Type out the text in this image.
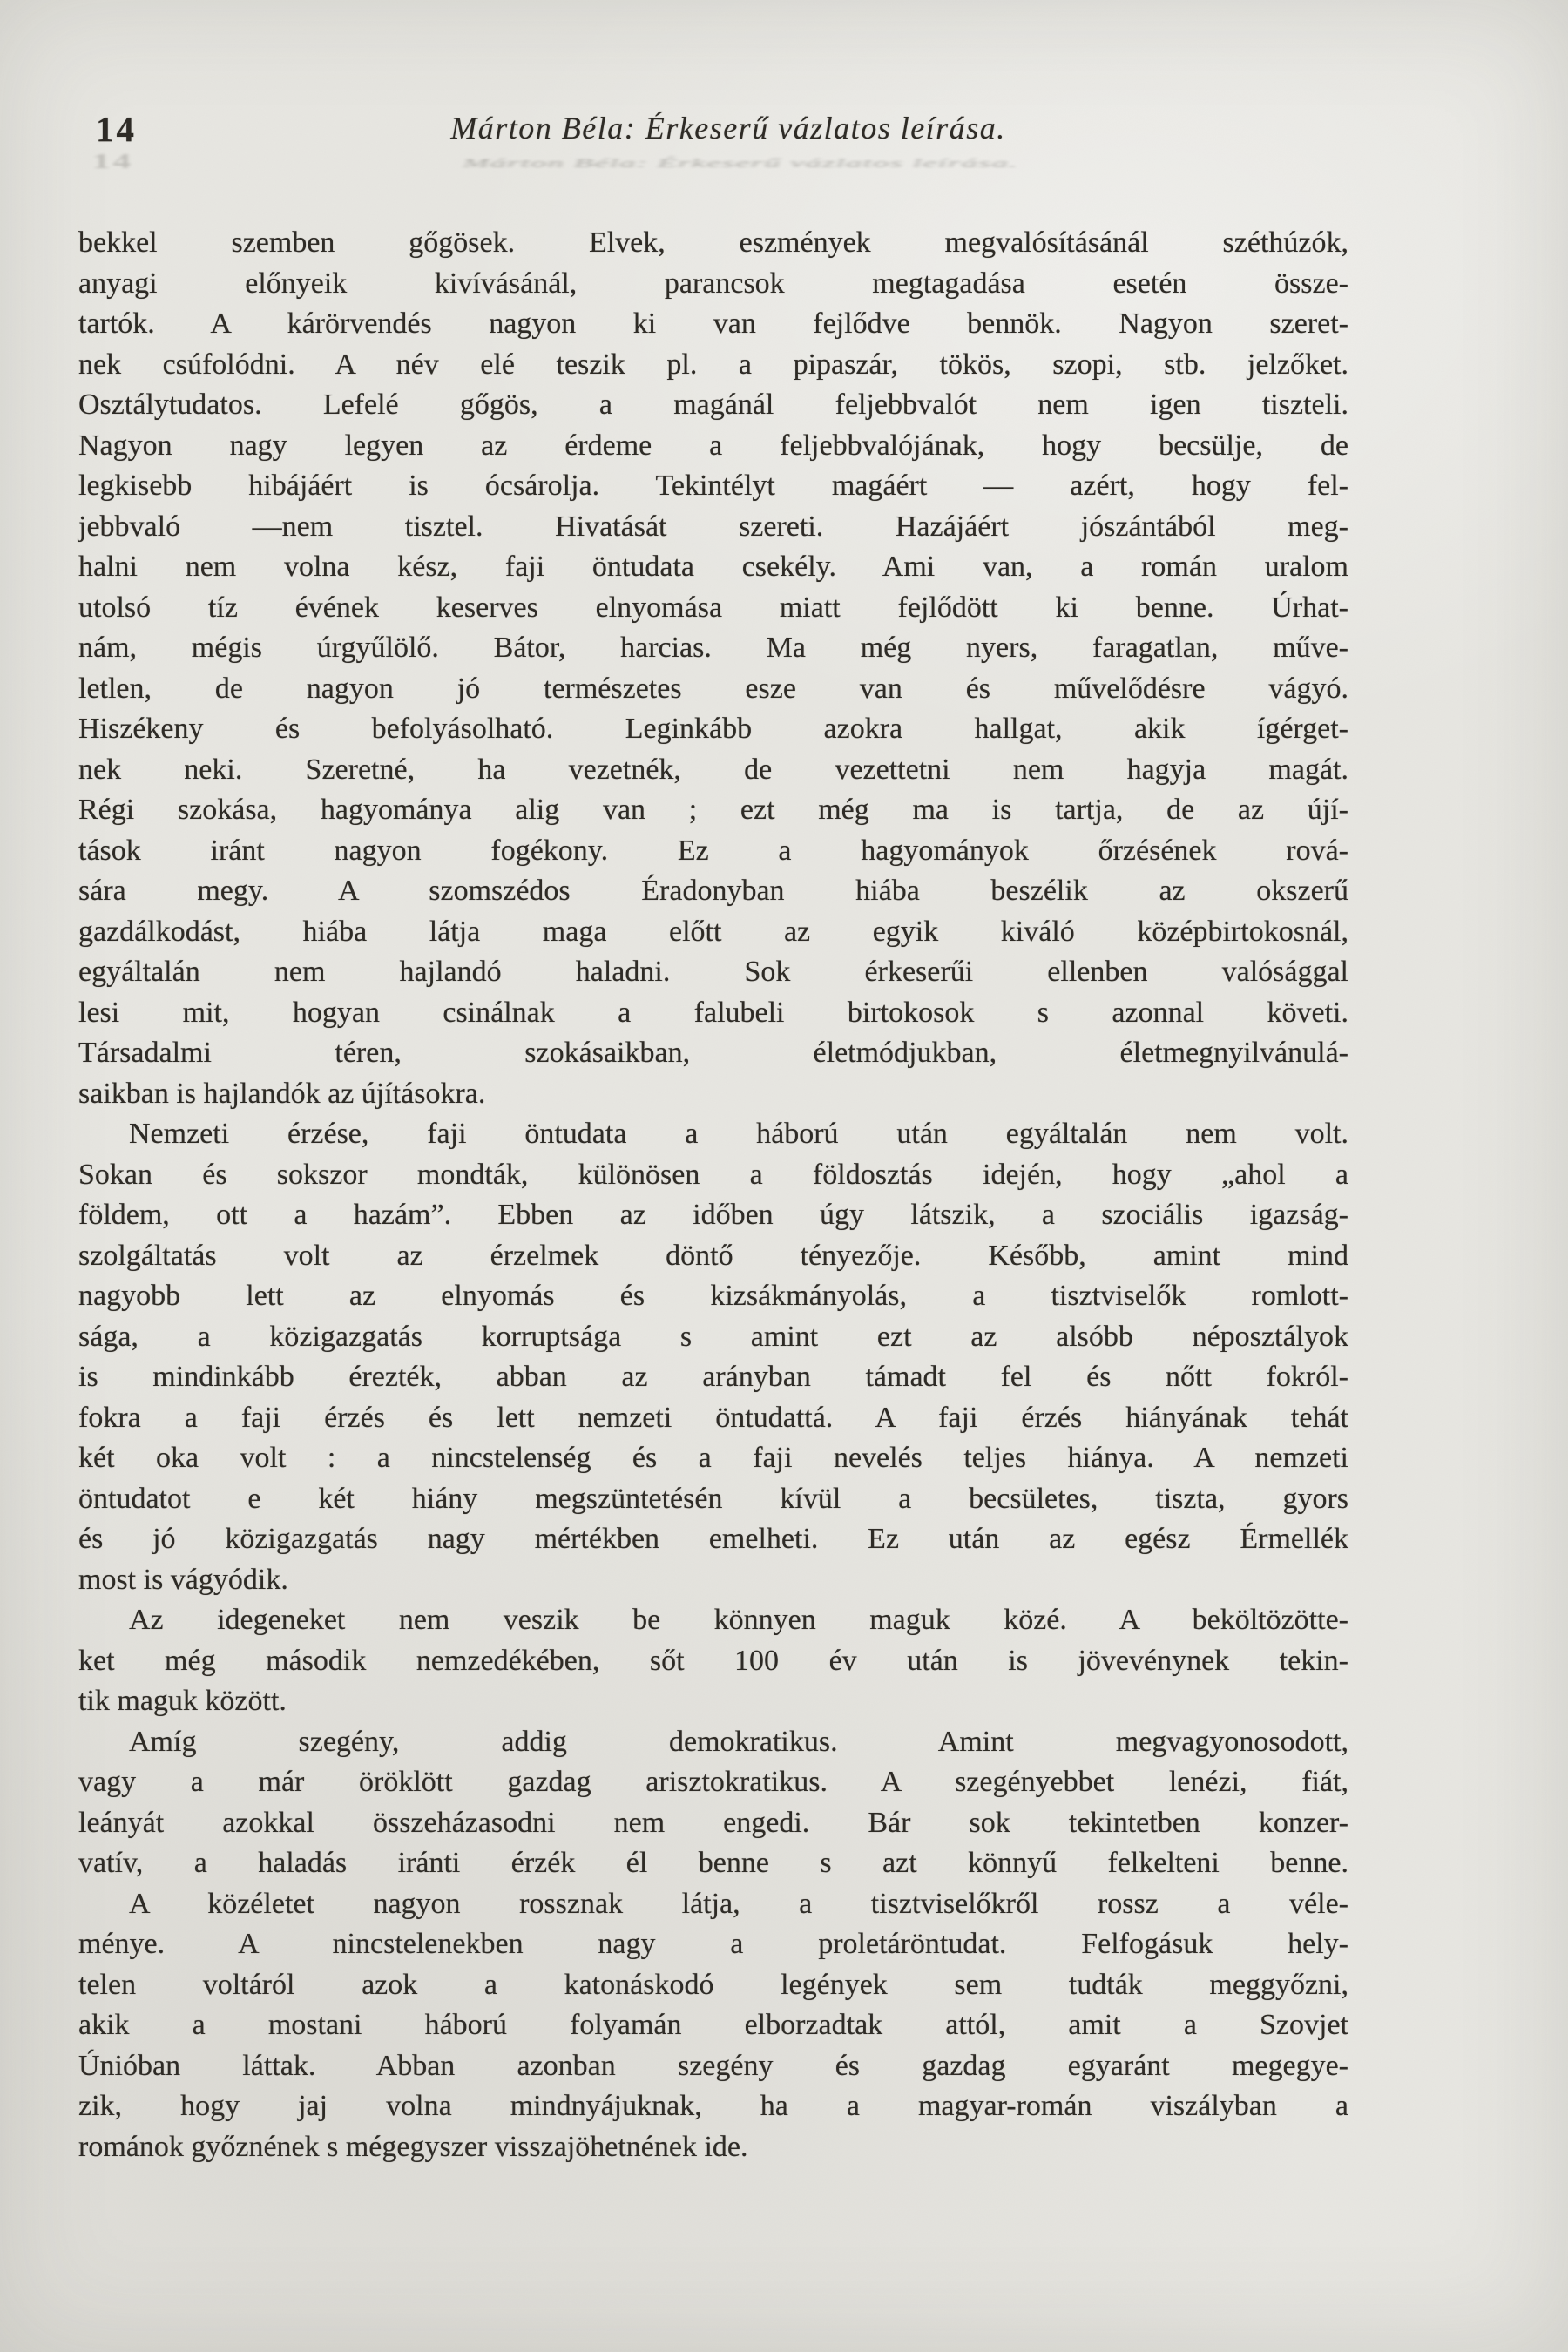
14
14
Márton Béla: Érkeserű vázlatos leírása.
Márton Béla: Érkeserű vázlatos leírása.
bekkel szemben gőgösek. Elvek, eszmények megvalósításánál széthúzók,
anyagi előnyeik kivívásánál, parancsok megtagadása esetén össze-
tartók. A kárörvendés nagyon ki van fejlődve bennök. Nagyon szeret-
nek csúfolódni. A név elé teszik pl. a pipaszár, tökös, szopi, stb. jelzőket.
Osztálytudatos. Lefelé gőgös, a magánál feljebbvalót nem igen tiszteli.
Nagyon nagy legyen az érdeme a feljebbvalójának, hogy becsülje, de
legkisebb hibájáért is ócsárolja. Tekintélyt magáért — azért, hogy fel-
jebbvaló —nem tisztel. Hivatását szereti. Hazájáért jószántából meg-
halni nem volna kész, faji öntudata csekély. Ami van, a román uralom
utolsó tíz évének keserves elnyomása miatt fejlődött ki benne. Úrhat-
nám, mégis úrgyűlölő. Bátor, harcias. Ma még nyers, faragatlan, műve-
letlen, de nagyon jó természetes esze van és művelődésre vágyó.
Hiszékeny és befolyásolható. Leginkább azokra hallgat, akik ígérget-
nek neki. Szeretné, ha vezetnék, de vezettetni nem hagyja magát.
Régi szokása, hagyománya alig van ; ezt még ma is tartja, de az újí-
tások iránt nagyon fogékony. Ez a hagyományok őrzésének rová-
sára megy. A szomszédos Éradonyban hiába beszélik az okszerű
gazdálkodást, hiába látja maga előtt az egyik kiváló középbirtokosnál,
egyáltalán nem hajlandó haladni. Sok érkeserűi ellenben valósággal
lesi mit, hogyan csinálnak a falubeli birtokosok s azonnal követi.
Társadalmi téren, szokásaikban, életmódjukban, életmegnyilvánulá-
saikban is hajlandók az újításokra.
Nemzeti érzése, faji öntudata a háború után egyáltalán nem volt.
Sokan és sokszor mondták, különösen a földosztás idején, hogy „ahol a
földem, ott a hazám”. Ebben az időben úgy látszik, a szociális igazság-
szolgáltatás volt az érzelmek döntő tényezője. Később, amint mind
nagyobb lett az elnyomás és kizsákmányolás, a tisztviselők romlott-
sága, a közigazgatás korruptsága s amint ezt az alsóbb néposztályok
is mindinkább érezték, abban az arányban támadt fel és nőtt fokról-
fokra a faji érzés és lett nemzeti öntudattá. A faji érzés hiányának tehát
két oka volt : a nincstelenség és a faji nevelés teljes hiánya. A nemzeti
öntudatot e két hiány megszüntetésén kívül a becsületes, tiszta, gyors
és jó közigazgatás nagy mértékben emelheti. Ez után az egész Érmellék
most is vágyódik.
Az idegeneket nem veszik be könnyen maguk közé. A beköltözötte-
ket még második nemzedékében, sőt 100 év után is jövevénynek tekin-
tik maguk között.
Amíg szegény, addig demokratikus. Amint megvagyonosodott,
vagy a már öröklött gazdag arisztokratikus. A szegényebbet lenézi, fiát,
leányát azokkal összeházasodni nem engedi. Bár sok tekintetben konzer-
vatív, a haladás iránti érzék él benne s azt könnyű felkelteni benne.
A közéletet nagyon rossznak látja, a tisztviselőkről rossz a véle-
ménye. A nincstelenekben nagy a proletáröntudat. Felfogásuk hely-
telen voltáról azok a katonáskodó legények sem tudták meggyőzni,
akik a mostani háború folyamán elborzadtak attól, amit a Szovjet
Únióban láttak. Abban azonban szegény és gazdag egyaránt megegye-
zik, hogy jaj volna mindnyájuknak, ha a magyar-román viszályban a
románok győznének s mégegyszer visszajöhetnének ide.
